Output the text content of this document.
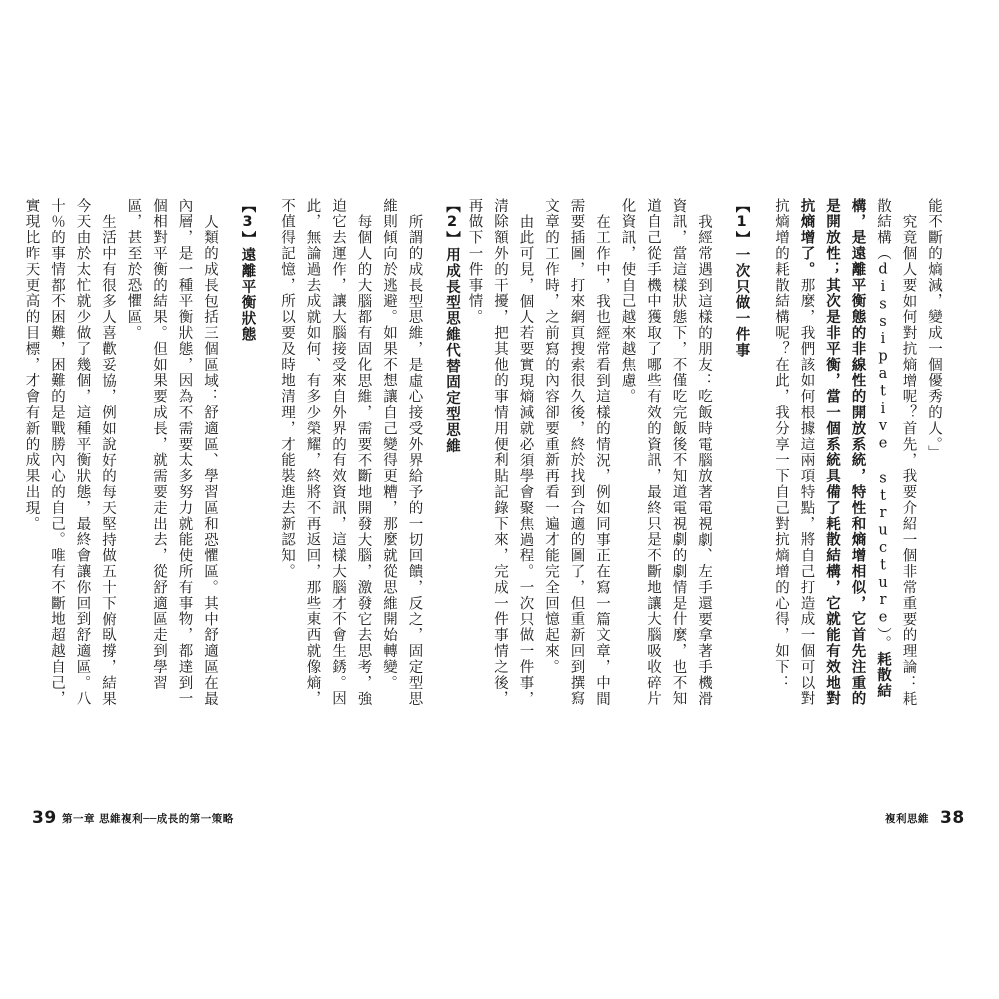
能不斷的熵減，變成一個優秀的人。」

究竟個人要如何對抗熵增呢？首先，我要介紹一個非常重要的理論：耗散結構（dissipative structure）。耗散結構，是遠離平衡態的非線性的開放系統，特性和熵增相似，它首先注重的是開放性；其次是非平衡，當一個系統具備了耗散結構，它就能有效地對抗熵增了。那麼，我們該如何根據這兩項特點，將自己打造成一個可以對抗熵增的耗散結構呢？在此，我分享一下自己對抗熵增的心得，如下：

【1】一次只做一件事

我經常遇到這樣的朋友：吃飯時電腦放著電視劇、左手還要拿著手機滑資訊，當這樣狀態下，不僅吃完飯後不知道電視劇的劇情是什麼，也不知道自己從手機中獲取了哪些有效的資訊，最終只是不斷地讓大腦吸收碎片化資訊，使自己越來越焦慮。

在工作中，我也經常看到這樣的情況，例如同事正在寫一篇文章，中間需要插圖，打來網頁搜索很久後，終於找到合適的圖了，但重新回到撰寫文章的工作時，之前寫的內容卻要重新再看一遍才能完全回憶起來。

由此可見，個人若要實現熵減就必須學會聚焦過程。一次只做一件事，清除額外的干擾，把其他的事情用便利貼記錄下來，完成一件事情之後，再做下一件事情。

【2】用成長型思維代替固定型思維

所謂的成長型思維，是虛心接受外界給予的一切回饋，反之，固定型思維則傾向於逃避。如果不想讓自己變得更糟，那麼就從思維開始轉變。

每個人的大腦都有固化思維，需要不斷地開發大腦，激發它去思考，強迫它去運作，讓大腦接受來自外界的有效資訊，這樣大腦才不會生銹。因此，無論過去成就如何、有多少榮耀，終將不再返回，那些東西就像熵，不值得記憶，所以要及時地清理，才能裝進去新認知。

【3】遠離平衡狀態

人類的成長包括三個區域：舒適區、學習區和恐懼區。其中舒適區在最內層，是一種平衡狀態，因為不需要太多努力就能使所有事物，都達到一個相對平衡的結果。但如果要成長，就需要走出去，從舒適區走到學習區，甚至於恐懼區。

生活中有很多人喜歡妥協，例如說好的每天堅持做五十下俯臥撐，結果今天由於太忙就少做了幾個，這種平衡狀態，最終會讓你回到舒適區。八十％的事情都不困難，困難的是戰勝內心的自己。唯有不斷地超越自己，實現比昨天更高的目標，才會有新的成果出現。

39 第一章 思維複利──成長的第一策略	複利思維 38
